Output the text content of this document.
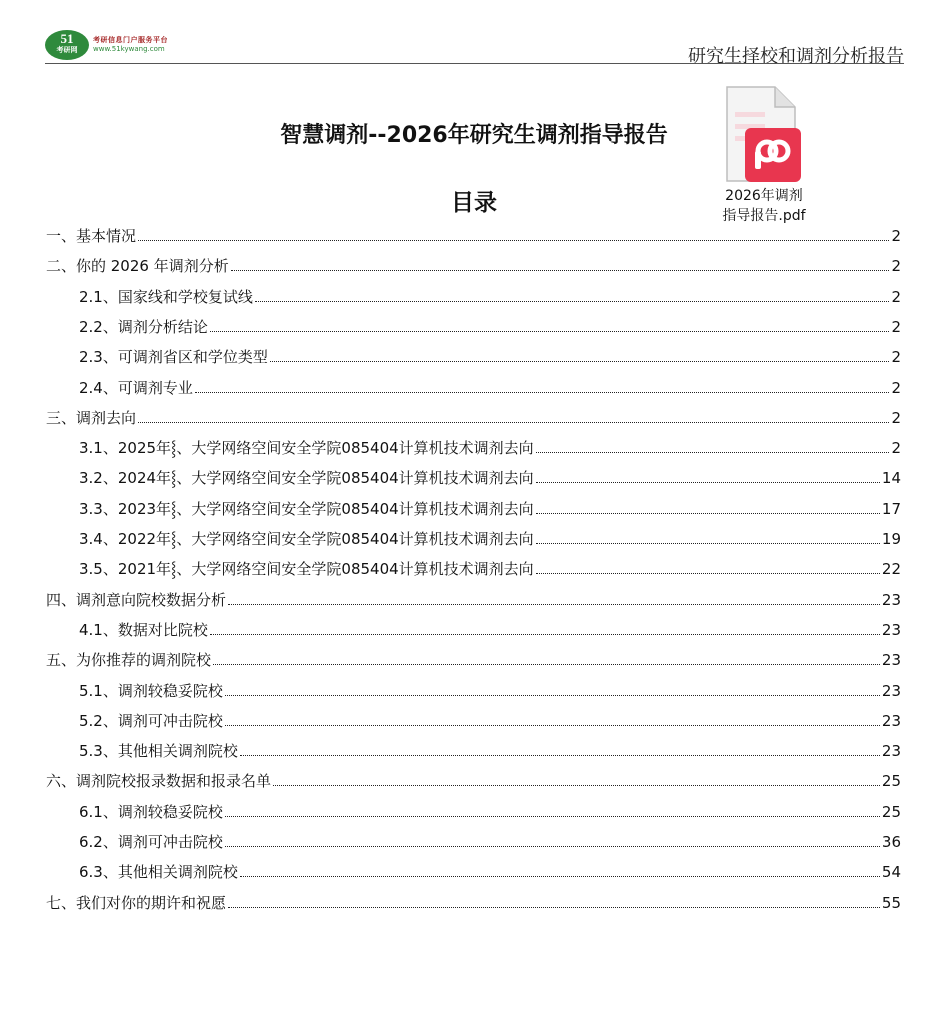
51
考研网
考研信息门户服务平台
www.51kywang.com	研究生择校和调剂分析报告
智慧调剂--2026年研究生调剂指导报告
目录
一、基本情况	2
二、你的 2026 年调剂分析	2
2.1、国家线和学校复试线	2
2.2、调剂分析结论	2
2.3、可调剂省区和学位类型	2
2.4、可调剂专业	2
三、调剂去向	2
3.1、2025年⸾、大学网络空间安全学院085404计算机技术调剂去向	2
3.2、2024年⸾、大学网络空间安全学院085404计算机技术调剂去向	14
3.3、2023年⸾、大学网络空间安全学院085404计算机技术调剂去向	17
3.4、2022年⸾、大学网络空间安全学院085404计算机技术调剂去向	19
3.5、2021年⸾、大学网络空间安全学院085404计算机技术调剂去向	22
四、调剂意向院校数据分析	23
4.1、数据对比院校	23
五、为你推荐的调剂院校	23
5.1、调剂较稳妥院校	23
5.2、调剂可冲击院校	23
5.3、其他相关调剂院校	23
六、调剂院校报录数据和报录名单	25
6.1、调剂较稳妥院校	25
6.2、调剂可冲击院校	36
6.3、其他相关调剂院校	54
七、我们对你的期许和祝愿	55
2026年调剂
指导报告.pdf
